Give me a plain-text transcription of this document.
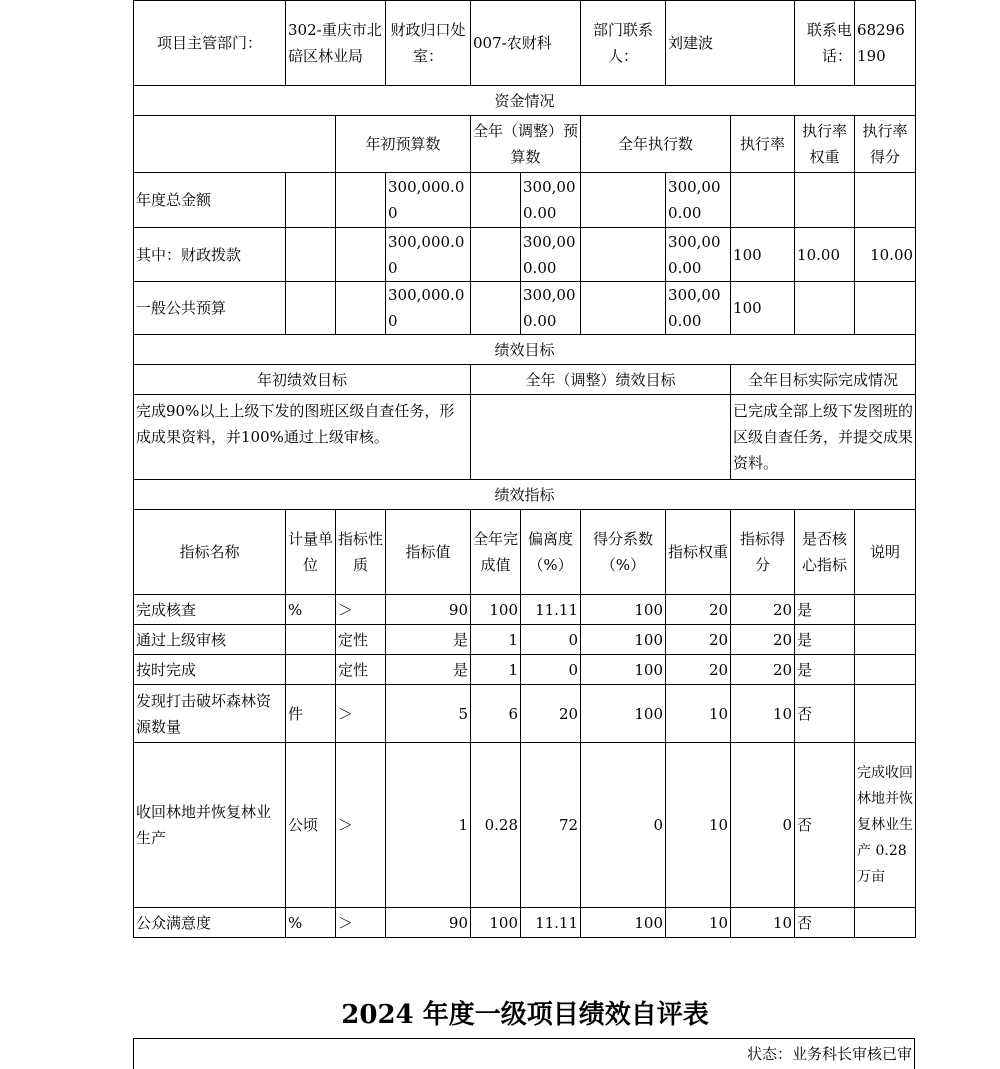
项目主管部门：	302-重庆市北碚区林业局		财政归口处室：	007-农财科		部门联系人：	刘建波		联系电话：	68296190
资金情况										
		年初预算数		全年（调整）预算数		全年执行数		执行率	执行率权重	执行率得分
年度总金额			300,000.00		300,000.00		300,000.00			
其中：财政拨款			300,000.00		300,000.00		300,000.00	100	10.00	10.00
一般公共预算			300,000.00		300,000.00		300,000.00	100		
绩效目标										
年初绩效目标				全年（调整）绩效目标				全年目标实际完成情况		
完成90%以上上级下发的图班区级自查任务，形成成果资料，并100%通过上级审核。								已完成全部上级下发图班的区级自查任务，并提交成果资料。		
绩效指标										
指标名称	计量单位	指标性质	指标值	全年完成值	偏离度（%）	得分系数（%）	指标权重	指标得分	是否核心指标	说明
完成核查	%	＞	90	100	11.11	100	20	20	是	
通过上级审核		定性	是	1	0	100	20	20	是	
按时完成		定性	是	1	0	100	20	20	是	
发现打击破坏森林资源数量	件	＞	5	6	20	100	10	10	否	
收回林地并恢复林业生产	公顷	＞	1	0.28	72	0	10	0	否	完成收回林地并恢复林业生产 0.28万亩
公众满意度	%	＞	90	100	11.11	100	10	10	否	
2024 年度一级项目绩效自评表
状态：业务科长审核已审
